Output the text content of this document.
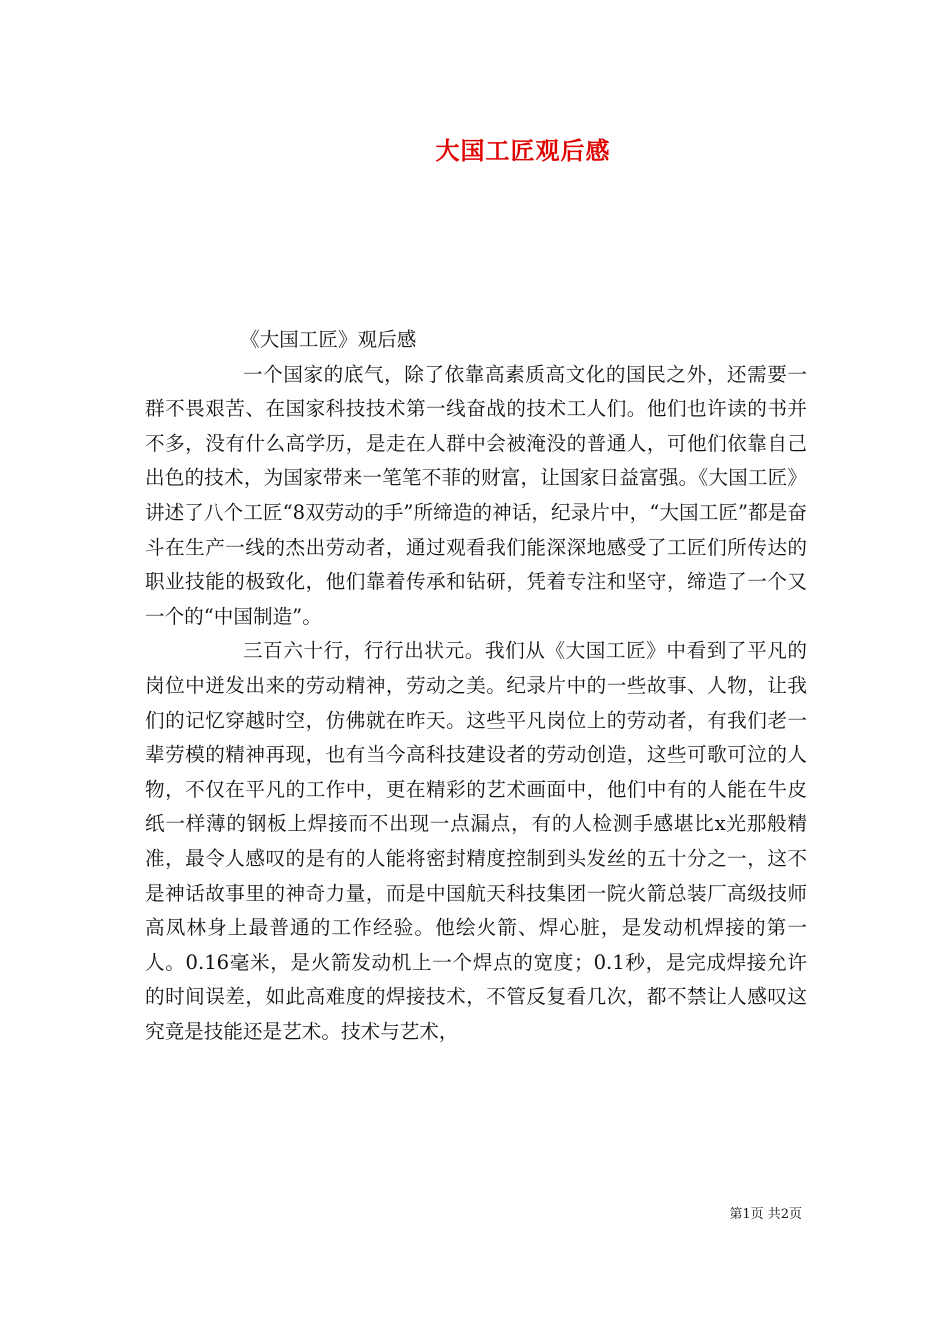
大国工匠观后感

《大国工匠》观后感

一个国家的底气，除了依靠高素质高文化的国民之外，还需要一群不畏艰苦、在国家科技技术第一线奋战的技术工人们。他们也许读的书并不多，没有什么高学历，是走在人群中会被淹没的普通人，可他们依靠自己出色的技术，为国家带来一笔笔不菲的财富，让国家日益富强。《大国工匠》讲述了八个工匠“8双劳动的手”所缔造的神话，纪录片中，“大国工匠”都是奋斗在生产一线的杰出劳动者，通过观看我们能深深地感受了工匠们所传达的职业技能的极致化，他们靠着传承和钻研，凭着专注和坚守，缔造了一个又一个的“中国制造”。

三百六十行，行行出状元。我们从《大国工匠》中看到了平凡的岗位中迸发出来的劳动精神，劳动之美。纪录片中的一些故事、人物，让我们的记忆穿越时空，仿佛就在昨天。这些平凡岗位上的劳动者，有我们老一辈劳模的精神再现，也有当今高科技建设者的劳动创造，这些可歌可泣的人物，不仅在平凡的工作中，更在精彩的艺术画面中，他们中有的人能在牛皮纸一样薄的钢板上焊接而不出现一点漏点，有的人检测手感堪比x光那般精准，最令人感叹的是有的人能将密封精度控制到头发丝的五十分之一，这不是神话故事里的神奇力量，而是中国航天科技集团一院火箭总装厂高级技师高凤林身上最普通的工作经验。他绘火箭、焊心脏，是发动机焊接的第一人。0.16毫米，是火箭发动机上一个焊点的宽度；0.1秒，是完成焊接允许的时间误差，如此高难度的焊接技术，不管反复看几次，都不禁让人感叹这究竟是技能还是艺术。技术与艺术，

第1页 共2页
